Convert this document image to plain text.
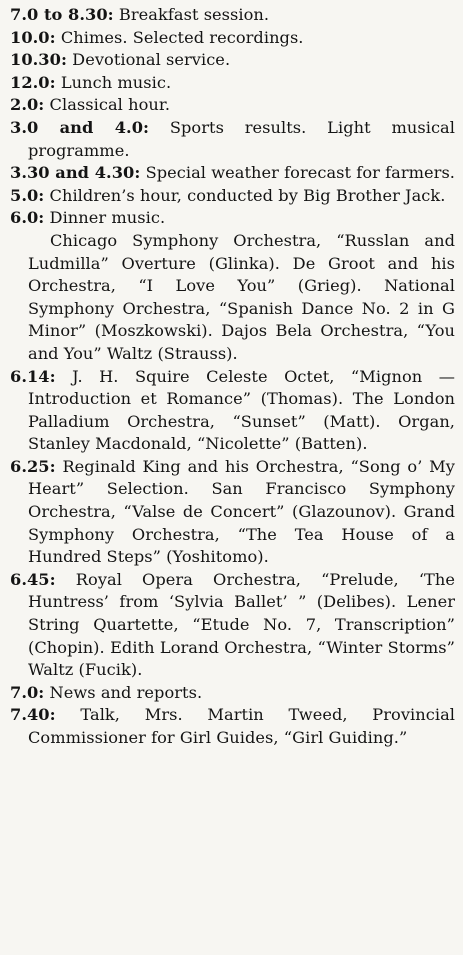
7.0 to 8.30: Breakfast session.

10.0: Chimes. Selected recordings.

10.30: Devotional service.

12.0: Lunch music.

2.0: Classical hour.

3.0 and 4.0: Sports results. Light musical programme.

3.30 and 4.30: Special weather forecast for farmers.

5.0: Children’s hour, conducted by Big Brother Jack.

6.0: Dinner music.

Chicago Symphony Orchestra, “Russlan and Ludmilla” Overture (Glinka). De Groot and his Orchestra, “I Love You” (Grieg). National Symphony Orchestra, “Spanish Dance No. 2 in G Minor” (Moszkowski). Dajos Bela Orchestra, “You and You” Waltz (Strauss).

6.14: J. H. Squire Celeste Octet, “Mignon — Introduction et Romance” (Thomas). The London Palladium Orchestra, “Sunset” (Matt). Organ, Stanley Macdonald, “Nicolette” (Batten).

6.25: Reginald King and his Orchestra, “Song o’ My Heart” Selection. San Francisco Symphony Orchestra, “Valse de Concert” (Glazounov). Grand Symphony Orchestra, “The Tea House of a Hundred Steps” (Yoshitomo).

6.45: Royal Opera Orchestra, “Prelude, ‘The Huntress’ from ‘Sylvia Ballet’ ” (Delibes). Lener String Quartette, “Etude No. 7, Transcription” (Chopin). Edith Lorand Orchestra, “Winter Storms” Waltz (Fucik).

7.0: News and reports.

7.40: Talk, Mrs. Martin Tweed, Provincial Commissioner for Girl Guides, “Girl Guiding.”
